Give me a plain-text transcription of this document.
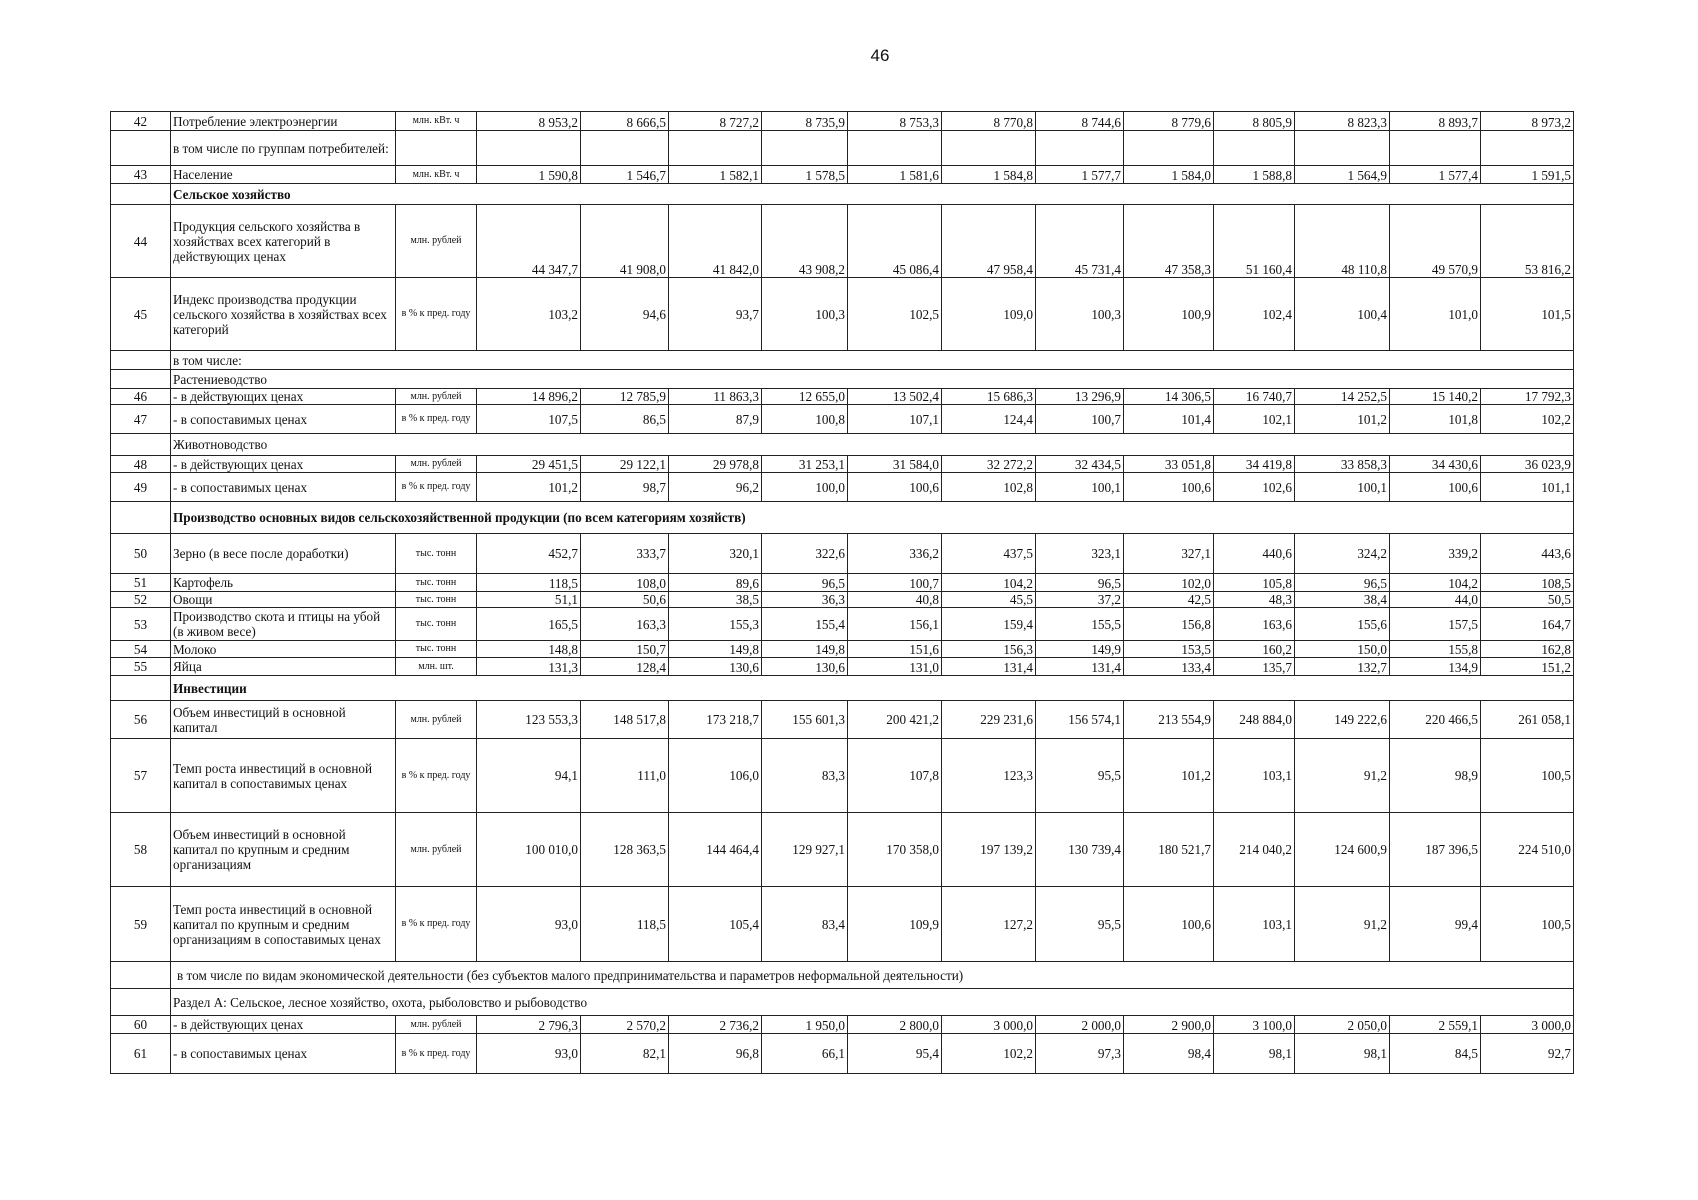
46
42	Потребление электроэнергии	млн. кВт. ч	8 953,2	8 666,5	8 727,2	8 735,9	8 753,3	8 770,8	8 744,6	8 779,6	8 805,9	8 823,3	8 893,7	8 973,2
	в том числе по группам потребителей:													
43	Население	млн. кВт. ч	1 590,8	1 546,7	1 582,1	1 578,5	1 581,6	1 584,8	1 577,7	1 584,0	1 588,8	1 564,9	1 577,4	1 591,5
	Сельское хозяйство													
44	Продукция сельского хозяйства в хозяйствах всех категорий в действующих ценах	млн. рублей	44 347,7	41 908,0	41 842,0	43 908,2	45 086,4	47 958,4	45 731,4	47 358,3	51 160,4	48 110,8	49 570,9	53 816,2
45	Индекс производства продукции сельского хозяйства в хозяйствах всех категорий	в % к пред. году	103,2	94,6	93,7	100,3	102,5	109,0	100,3	100,9	102,4	100,4	101,0	101,5
	в том числе:													
	Растениеводство													
46	- в действующих ценах	млн. рублей	14 896,2	12 785,9	11 863,3	12 655,0	13 502,4	15 686,3	13 296,9	14 306,5	16 740,7	14 252,5	15 140,2	17 792,3
47	- в сопоставимых ценах	в % к пред. году	107,5	86,5	87,9	100,8	107,1	124,4	100,7	101,4	102,1	101,2	101,8	102,2
	Животноводство													
48	- в действующих ценах	млн. рублей	29 451,5	29 122,1	29 978,8	31 253,1	31 584,0	32 272,2	32 434,5	33 051,8	34 419,8	33 858,3	34 430,6	36 023,9
49	- в сопоставимых ценах	в % к пред. году	101,2	98,7	96,2	100,0	100,6	102,8	100,1	100,6	102,6	100,1	100,6	101,1
	Производство основных видов сельскохозяйственной продукции (по всем категориям хозяйств)													
50	Зерно (в весе после доработки)	тыс. тонн	452,7	333,7	320,1	322,6	336,2	437,5	323,1	327,1	440,6	324,2	339,2	443,6
51	Картофель	тыс. тонн	118,5	108,0	89,6	96,5	100,7	104,2	96,5	102,0	105,8	96,5	104,2	108,5
52	Овощи	тыс. тонн	51,1	50,6	38,5	36,3	40,8	45,5	37,2	42,5	48,3	38,4	44,0	50,5
53	Производство скота и птицы на убой (в живом весе)	тыс. тонн	165,5	163,3	155,3	155,4	156,1	159,4	155,5	156,8	163,6	155,6	157,5	164,7
54	Молоко	тыс. тонн	148,8	150,7	149,8	149,8	151,6	156,3	149,9	153,5	160,2	150,0	155,8	162,8
55	Яйца	млн. шт.	131,3	128,4	130,6	130,6	131,0	131,4	131,4	133,4	135,7	132,7	134,9	151,2
	Инвестиции													
56	Объем инвестиций в основной капитал	млн. рублей	123 553,3	148 517,8	173 218,7	155 601,3	200 421,2	229 231,6	156 574,1	213 554,9	248 884,0	149 222,6	220 466,5	261 058,1
57	Темп роста инвестиций в основной капитал в сопоставимых ценах	в % к пред. году	94,1	111,0	106,0	83,3	107,8	123,3	95,5	101,2	103,1	91,2	98,9	100,5
58	Объем инвестиций в основной капитал по крупным и средним организациям	млн. рублей	100 010,0	128 363,5	144 464,4	129 927,1	170 358,0	197 139,2	130 739,4	180 521,7	214 040,2	124 600,9	187 396,5	224 510,0
59	Темп роста инвестиций в основной капитал по крупным и средним организациям в сопоставимых ценах	в % к пред. году	93,0	118,5	105,4	83,4	109,9	127,2	95,5	100,6	103,1	91,2	99,4	100,5
	в том числе по видам экономической деятельности (без субъектов малого предпринимательства и параметров неформальной деятельности)													
	Раздел А: Сельское, лесное хозяйство, охота, рыболовство и рыбоводство													
60	- в действующих ценах	млн. рублей	2 796,3	2 570,2	2 736,2	1 950,0	2 800,0	3 000,0	2 000,0	2 900,0	3 100,0	2 050,0	2 559,1	3 000,0
61	- в сопоставимых ценах	в % к пред. году	93,0	82,1	96,8	66,1	95,4	102,2	97,3	98,4	98,1	98,1	84,5	92,7
